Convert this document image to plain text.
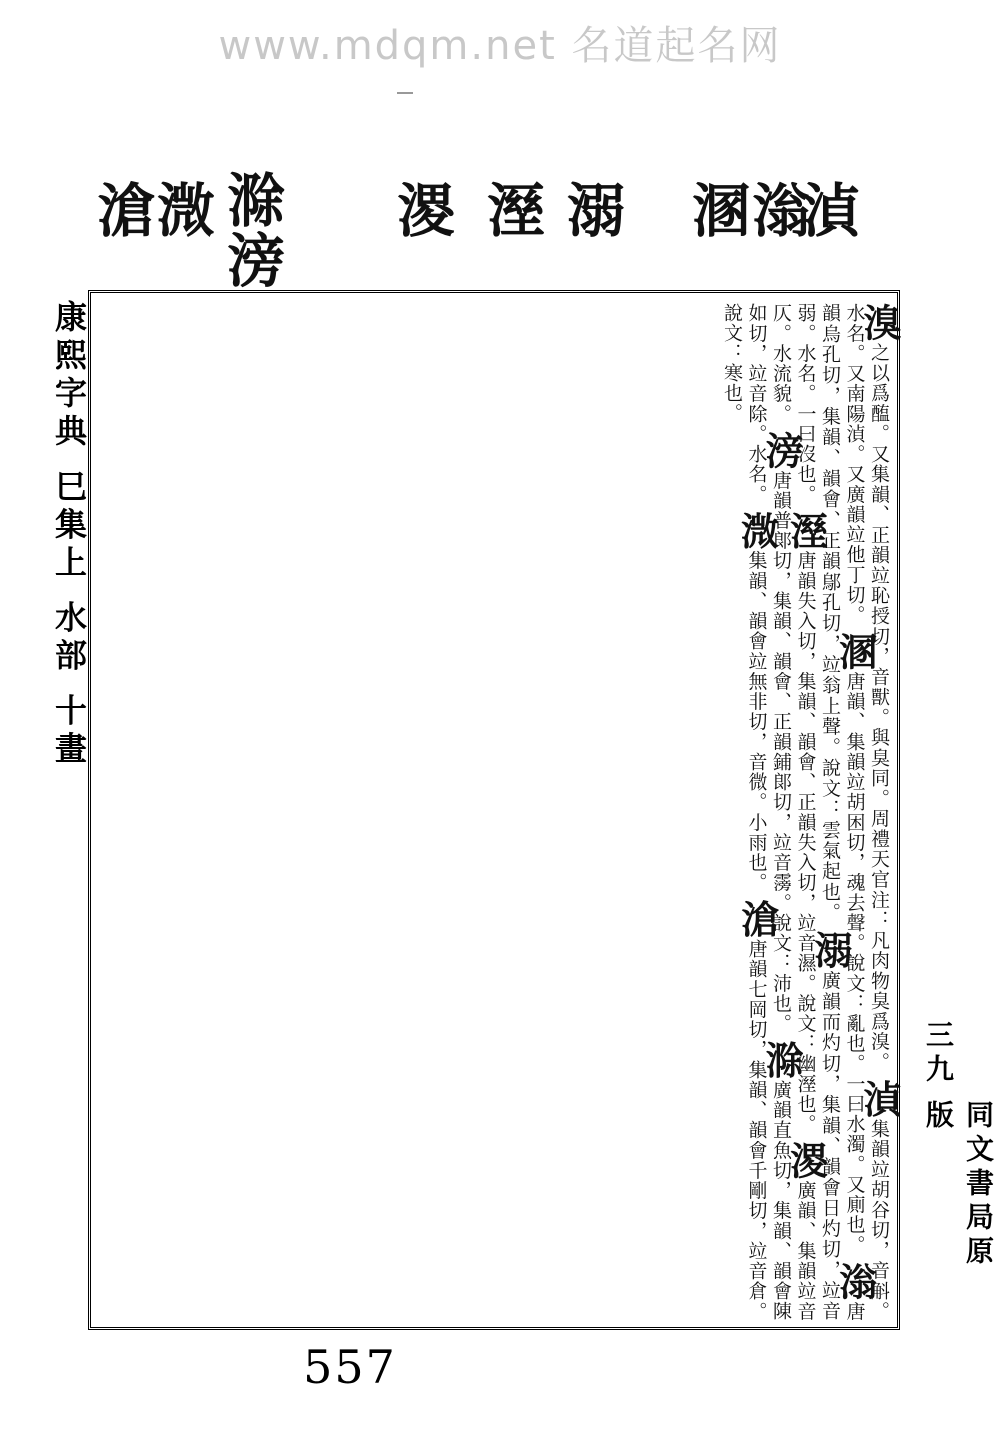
www.mdqm.net 名道起名网
滄
溦 滁
滂
溭 溼 溺 溷
滃
湞
康熙字典 巳集上 水部 十畫	溴之以爲醢。又集韻、正韻竝恥授切，音獸。與臭同。周禮天官注：凡肉物臭爲溴。 湞集韻竝胡谷切，音斛。水名。又南陽湞。又廣韻竝他丁切。 溷唐韻、集韻竝胡困切，魂去聲。說文：亂也。一曰水濁。又廁也。 滃唐韻烏孔切，集韻、韻會、正韻鄔孔切，竝翁上聲。說文：雲氣起也。 溺廣韻而灼切，集韻、韻會日灼切，竝音弱。水名。一曰沒也。 溼唐韻失入切，集韻、韻會、正韻失入切，竝音濕。說文：幽溼也。 溭廣韻、集韻竝音仄。水流貌。 滂唐韻普郞切，集韻、韻會、正韻鋪郞切，竝音霶。說文：沛也。 滁廣韻直魚切，集韻、韻會陳如切，竝音除。水名。 溦集韻、韻會竝無非切，音微。小雨也。 滄唐韻七岡切，集韻、韻會千剛切，竝音倉。說文：寒也。
三九
同文書局原版
557
